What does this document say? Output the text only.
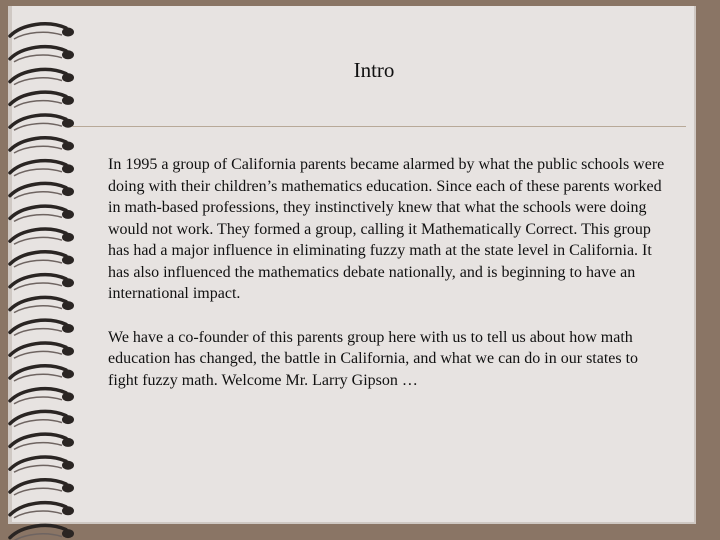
Intro

In 1995 a group of California parents became alarmed by what the public schools were doing with their children’s mathematics education. Since each of these parents worked in math-based professions, they instinctively knew that what the schools were doing would not work. They formed a group, calling it Mathematically Correct. This group has had a major influence in eliminating fuzzy math at the state level in California. It has also influenced the mathematics debate nationally, and is beginning to have an international impact.

We have a co-founder of this parents group here with us to tell us about how math education has changed, the battle in California, and what we can do in our states to fight fuzzy math. Welcome Mr. Larry Gipson …
